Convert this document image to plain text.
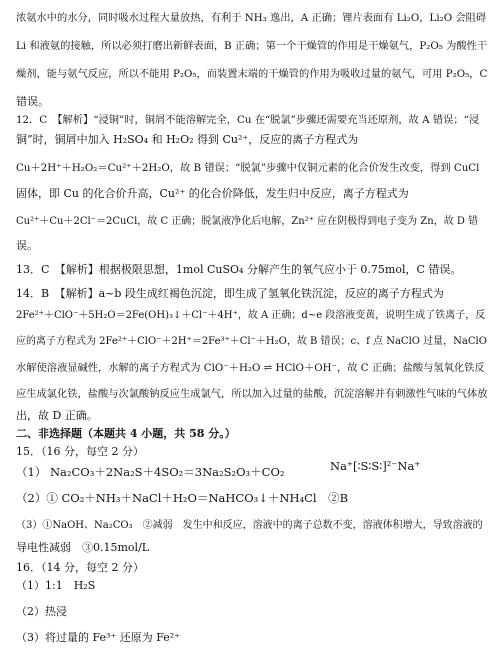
浓氨水中的水分，同时吸水过程大量放热，有利于 NH₃ 逸出，A 正确；锂片表面有 Li₂O，Li₂O 会阻碍
Li 和液氨的接触，所以必须打磨出新鲜表面，B 正确；第一个干燥管的作用是干燥氨气，P₂O₅ 为酸性干
燥剂，能与氨气反应，所以不能用 P₂O₅，而装置末端的干燥管的作用为吸收过量的氨气，可用 P₂O₅，C
错误。
12．C　【解析】“浸铜”时，铜屑不能溶解完全，Cu 在“脱氯”步骤还需要充当还原剂，故 A 错误；“浸
铜”时，铜屑中加入 H₂SO₄ 和 H₂O₂ 得到 Cu²⁺，反应的离子方程式为
Cu＋2H⁺＋H₂O₂＝Cu²⁺＋2H₂O，故 B 错误；“脱氯”步骤中仅铜元素的化合价发生改变，得到 CuCl
固体，即 Cu 的化合价升高，Cu²⁺ 的化合价降低，发生归中反应，离子方程式为
Cu²⁺＋Cu＋2Cl⁻＝2CuCl，故 C 正确；脱氯液净化后电解，Zn²⁺ 应在阴极得到电子变为 Zn，故 D 错
误。
13．C　【解析】根据极限思想，1mol CuSO₄ 分解产生的氧气应小于 0.75mol，C 错误。
14．B　【解析】a~b 段生成红褐色沉淀，即生成了氢氧化铁沉淀，反应的离子方程式为
2Fe²⁺＋ClO⁻＋5H₂O＝2Fe(OH)₃↓＋Cl⁻＋4H⁺，故 A 正确；d~e 段溶液变黄，说明生成了铁离子，反
应的离子方程式为 2Fe²⁺＋ClO⁻＋2H⁺＝2Fe³⁺＋Cl⁻＋H₂O，故 B 错误；c、f 点 NaClO 过量，NaClO
水解使溶液显碱性，水解的离子方程式为 ClO⁻＋H₂O ⇌ HClO＋OH⁻，故 C 正确；盐酸与氢氧化铁反
应生成氯化铁，盐酸与次氯酸钠反应生成氯气，所以加入过量的盐酸，沉淀溶解并有刺激性气味的气体放
出，故 D 正确。
二、非选择题（本题共 4 小题，共 58 分。）
15．（16 分，每空 2 分）
（1） Na₂CO₃＋2Na₂S＋4SO₂＝3Na₂S₂O₃＋CO₂
（2）① CO₂＋NH₃＋NaCl＋H₂O＝NaHCO₃↓＋NH₄Cl　②B
（3）①NaOH、Na₂CO₃　②减弱　发生中和反应，溶液中的离子总数不变，溶液体积增大，导致溶液的
导电性减弱　③0.15mol/L
16．（14 分，每空 2 分）
（1）1:1　H₂S
（2）热浸
（3）将过量的 Fe³⁺ 还原为 Fe²⁺
Na⁺[∶S∶S∶]²⁻Na⁺
